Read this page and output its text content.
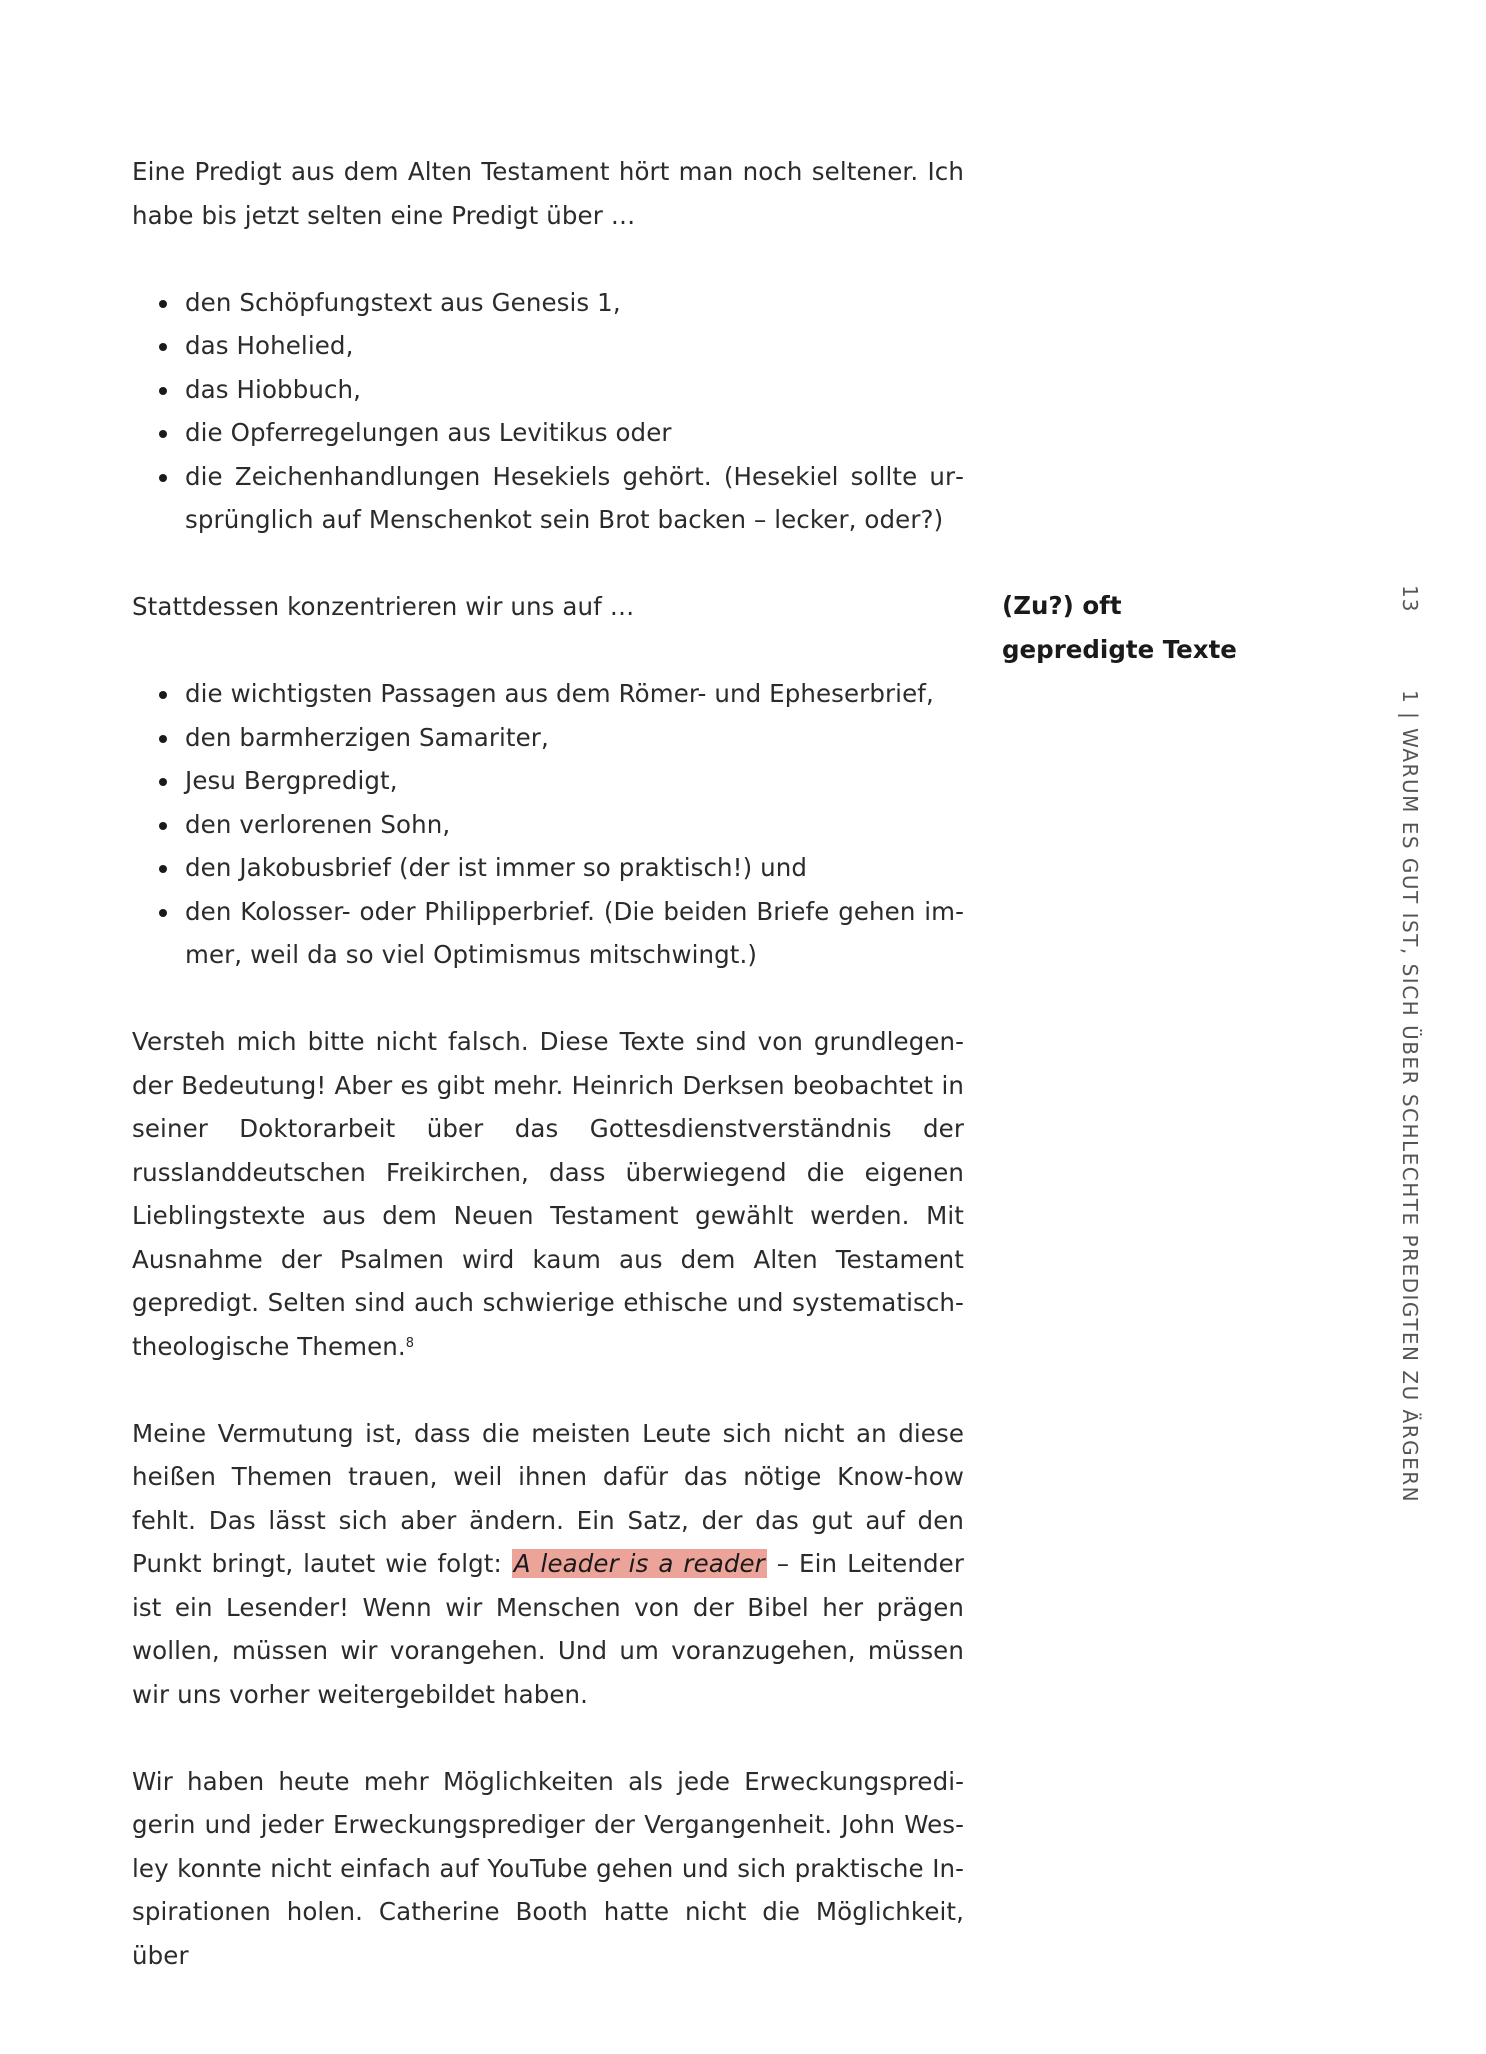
Eine Predigt aus dem Alten Testament hört man noch seltener. Ich habe bis jetzt selten eine Predigt über …

den Schöpfungstext aus Genesis 1,
das Hohelied,
das Hiobbuch,
die Opferregelungen aus Levitikus oder
die Zeichenhandlungen Hesekiels gehört. (Hesekiel sollte ursprünglich auf Menschenkot sein Brot backen – lecker, oder?)

Stattdessen konzentrieren wir uns auf …

die wichtigsten Passagen aus dem Römer- und Epheserbrief,
den barmherzigen Samariter,
Jesu Bergpredigt,
den verlorenen Sohn,
den Jakobusbrief (der ist immer so praktisch!) und
den Kolosser- oder Philipperbrief. (Die beiden Briefe gehen immer, weil da so viel Optimismus mitschwingt.)

Versteh mich bitte nicht falsch. Diese Texte sind von grundlegender Bedeutung! Aber es gibt mehr. Heinrich Derksen beobachtet in seiner Doktorarbeit über das Gottesdienstverständnis der russlanddeutschen Freikirchen, dass überwiegend die eigenen Lieblingstexte aus dem Neuen Testament gewählt werden. Mit Ausnahme der Psalmen wird kaum aus dem Alten Testament gepredigt. Selten sind auch schwierige ethische und systematisch-theologische Themen.$^8$

Meine Vermutung ist, dass die meisten Leute sich nicht an diese heißen Themen trauen, weil ihnen dafür das nötige Know-how fehlt. Das lässt sich aber ändern. Ein Satz, der das gut auf den Punkt bringt, lautet wie folgt: A leader is a reader – Ein Leitender ist ein Lesender! Wenn wir Menschen von der Bibel her prägen wollen, müssen wir vorangehen. Und um voranzugehen, müssen wir uns vorher weitergebildet haben.

Wir haben heute mehr Möglichkeiten als jede Erweckungspredigerin und jeder Erweckungsprediger der Vergangenheit. John Wesley konnte nicht einfach auf YouTube gehen und sich praktische Inspirationen holen. Catherine Booth hatte nicht die Möglichkeit, über

(Zu?) oft
gepredigte Texte
13
1 | WARUM ES GUT IST, SICH ÜBER SCHLECHTE PREDIGTEN ZU ÄRGERN
